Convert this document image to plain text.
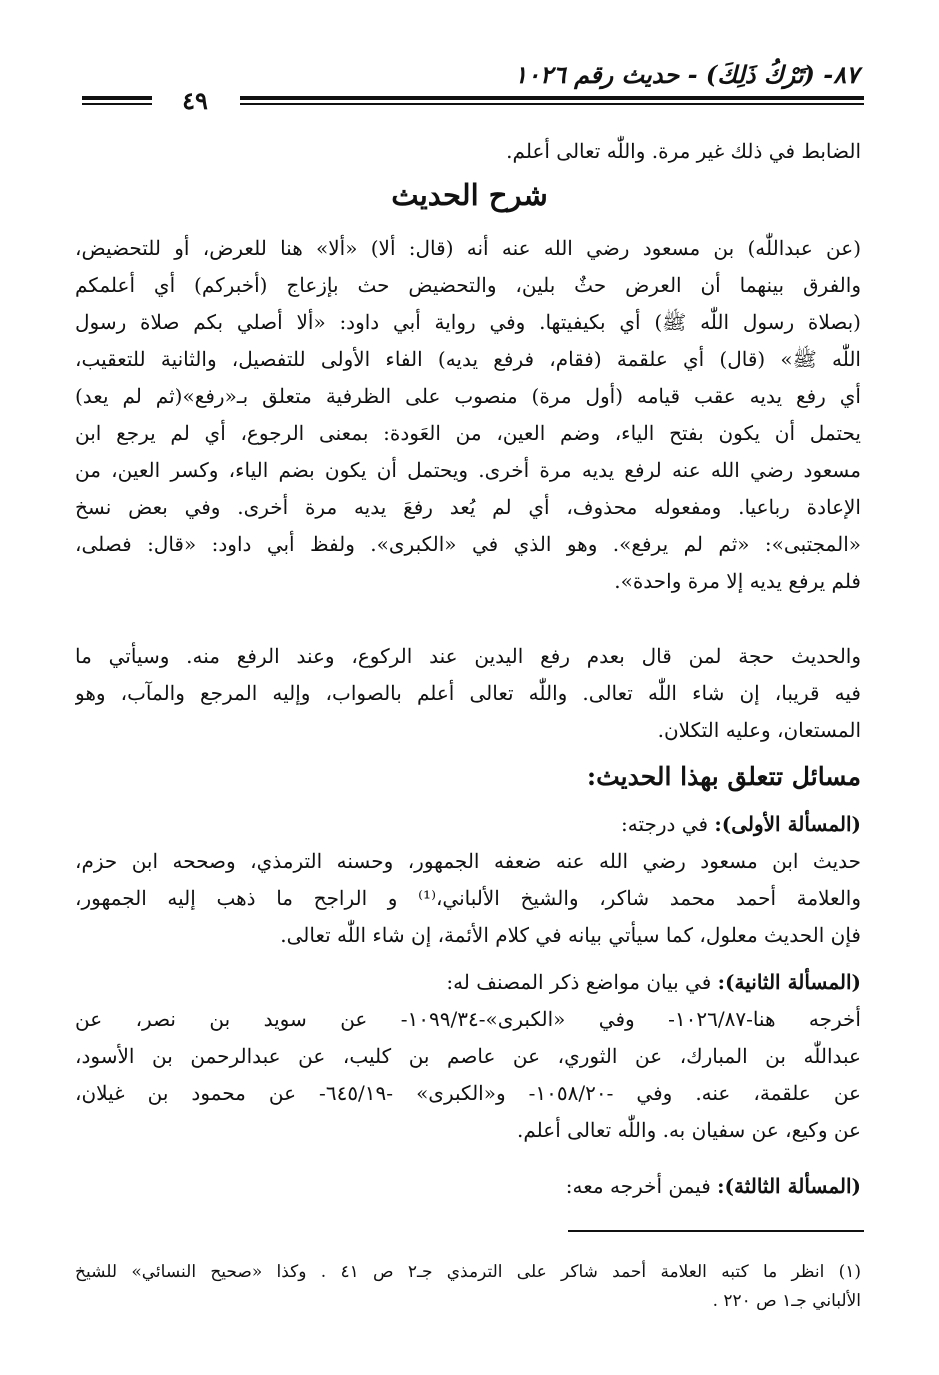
٨٧- (تَرْكُ ذَلِكَ) - حديث رقم ١٠٢٦
٤٩
الضابط في ذلك غير مرة. واللّٰه تعالى أعلم.
شرح الحديث
(عن عبداللّٰه) بن مسعود رضي الله عنه أنه (قال: ألا) «ألا» هنا للعرض، أو للتحضيض،
والفرق بينهما أن العرض حثٌ بلين، والتحضيض حث بإزعاج (أخبركم) أي أعلمكم
(بصلاة رسول اللّٰه ﷺ) أي بكيفيتها. وفي رواية أبي داود: «ألا أصلي بكم صلاة رسول
اللّٰه ﷺ» (قال) أي علقمة (فقام، فرفع يديه) الفاء الأولى للتفصيل، والثانية للتعقيب،
أي رفع يديه عقب قيامه (أول مرة) منصوب على الظرفية متعلق بـ«رفع»(ثم لم يعد)
يحتمل أن يكون بفتح الياء، وضم العين، من العَودة: بمعنى الرجوع، أي لم يرجع ابن
مسعود رضي الله عنه لرفع يديه مرة أخرى. ويحتمل أن يكون بضم الياء، وكسر العين، من
الإعادة رباعيا. ومفعوله محذوف، أي لم يُعد رفعَ يديه مرة أخرى. وفي بعض نسخ
«المجتبى»: «ثم لم يرفع». وهو الذي في «الكبرى». ولفظ أبي داود: «قال: فصلى،
فلم يرفع يديه إلا مرة واحدة».
والحديث حجة لمن قال بعدم رفع اليدين عند الركوع، وعند الرفع منه. وسيأتي ما
فيه قريبا، إن شاء اللّٰه تعالى. واللّٰه تعالى أعلم بالصواب، وإليه المرجع والمآب، وهو
المستعان، وعليه التكلان.
مسائل تتعلق بهذا الحديث:
(المسألة الأولى): في درجته:
حديث ابن مسعود رضي الله عنه ضعفه الجمهور، وحسنه الترمذي، وصححه ابن حزم،
والعلامة أحمد محمد شاكر، والشيخ الألباني،⁽¹⁾ و الراجح ما ذهب إليه الجمهور،
فإن الحديث معلول، كما سيأتي بيانه في كلام الأئمة، إن شاء اللّٰه تعالى.
(المسألة الثانية): في بيان مواضع ذكر المصنف له:
أخرجه هنا-١٠٢٦/٨٧- وفي «الكبرى»-١٠٩٩/٣٤- عن سويد بن نصر، عن
عبداللّٰه بن المبارك، عن الثوري، عن عاصم بن كليب، عن عبدالرحمن بن الأسود،
عن علقمة، عنه. وفي -١٠٥٨/٢٠- و«الكبرى» -٦٤٥/١٩- عن محمود بن غيلان،
عن وكيع، عن سفيان به. واللّٰه تعالى أعلم.
(المسألة الثالثة): فيمن أخرجه معه:
(١) انظر ما كتبه العلامة أحمد شاكر على الترمذي جـ٢ ص ٤١ . وكذا «صحيح النسائي» للشيخ
الألباني جـ١ ص ٢٢٠ .
